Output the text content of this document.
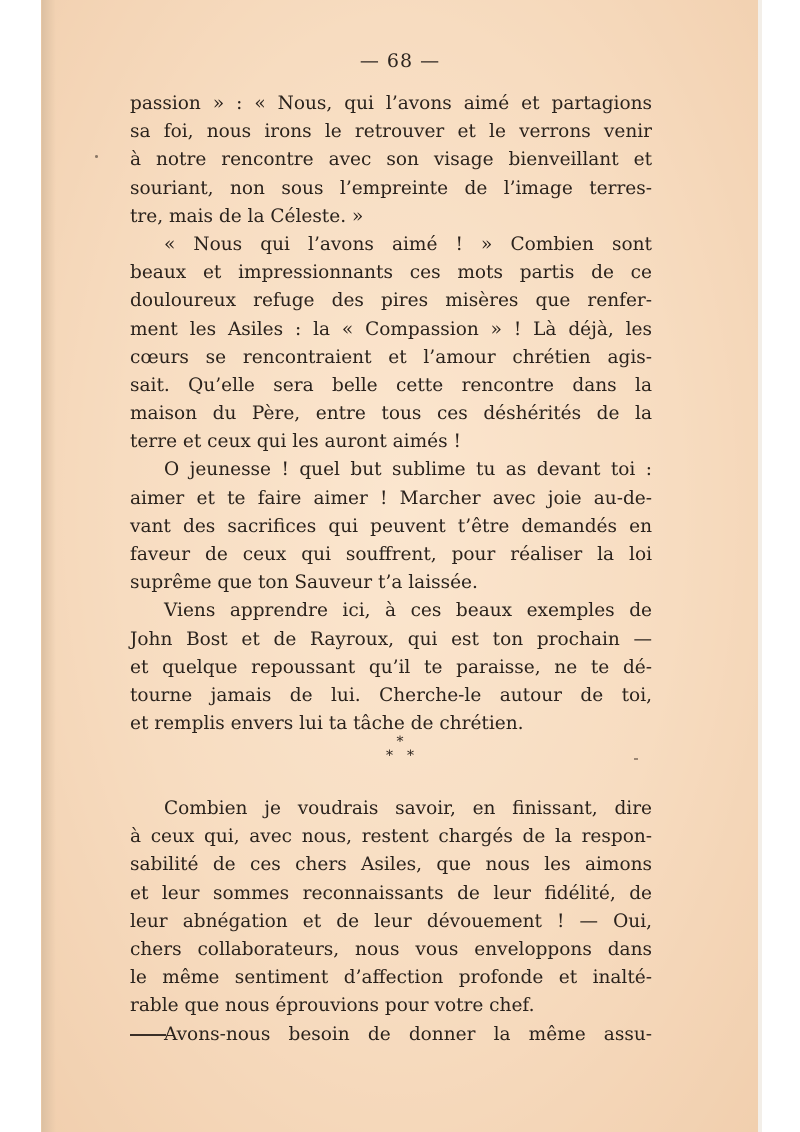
— 68 —
passion » : « Nous, qui l’avons aimé et partagions
sa foi, nous irons le retrouver et le verrons venir
à notre rencontre avec son visage bienveillant et
souriant, non sous l’empreinte de l’image terres-
tre, mais de la Céleste. »
« Nous qui l’avons aimé ! » Combien sont
beaux et impressionnants ces mots partis de ce
douloureux refuge des pires misères que renfer-
ment les Asiles : la « Compassion » ! Là déjà, les
cœurs se rencontraient et l’amour chrétien agis-
sait. Qu’elle sera belle cette rencontre dans la
maison du Père, entre tous ces déshérités de la
terre et ceux qui les auront aimés !
O jeunesse ! quel but sublime tu as devant toi :
aimer et te faire aimer ! Marcher avec joie au-de-
vant des sacrifices qui peuvent t’être demandés en
faveur de ceux qui souffrent, pour réaliser la loi
suprême que ton Sauveur t’a laissée.
Viens apprendre ici, à ces beaux exemples de
John Bost et de Rayroux, qui est ton prochain —
et quelque repoussant qu’il te paraisse, ne te dé-
tourne jamais de lui. Cherche-le autour de toi,
et remplis envers lui ta tâche de chrétien.
*
**
Combien je voudrais savoir, en finissant, dire
à ceux qui, avec nous, restent chargés de la respon-
sabilité de ces chers Asiles, que nous les aimons
et leur sommes reconnaissants de leur fidélité, de
leur abnégation et de leur dévouement ! — Oui,
chers collaborateurs, nous vous enveloppons dans
le même sentiment d’affection profonde et inalté-
rable que nous éprouvions pour votre chef.
Avons-nous besoin de donner la même assu-
